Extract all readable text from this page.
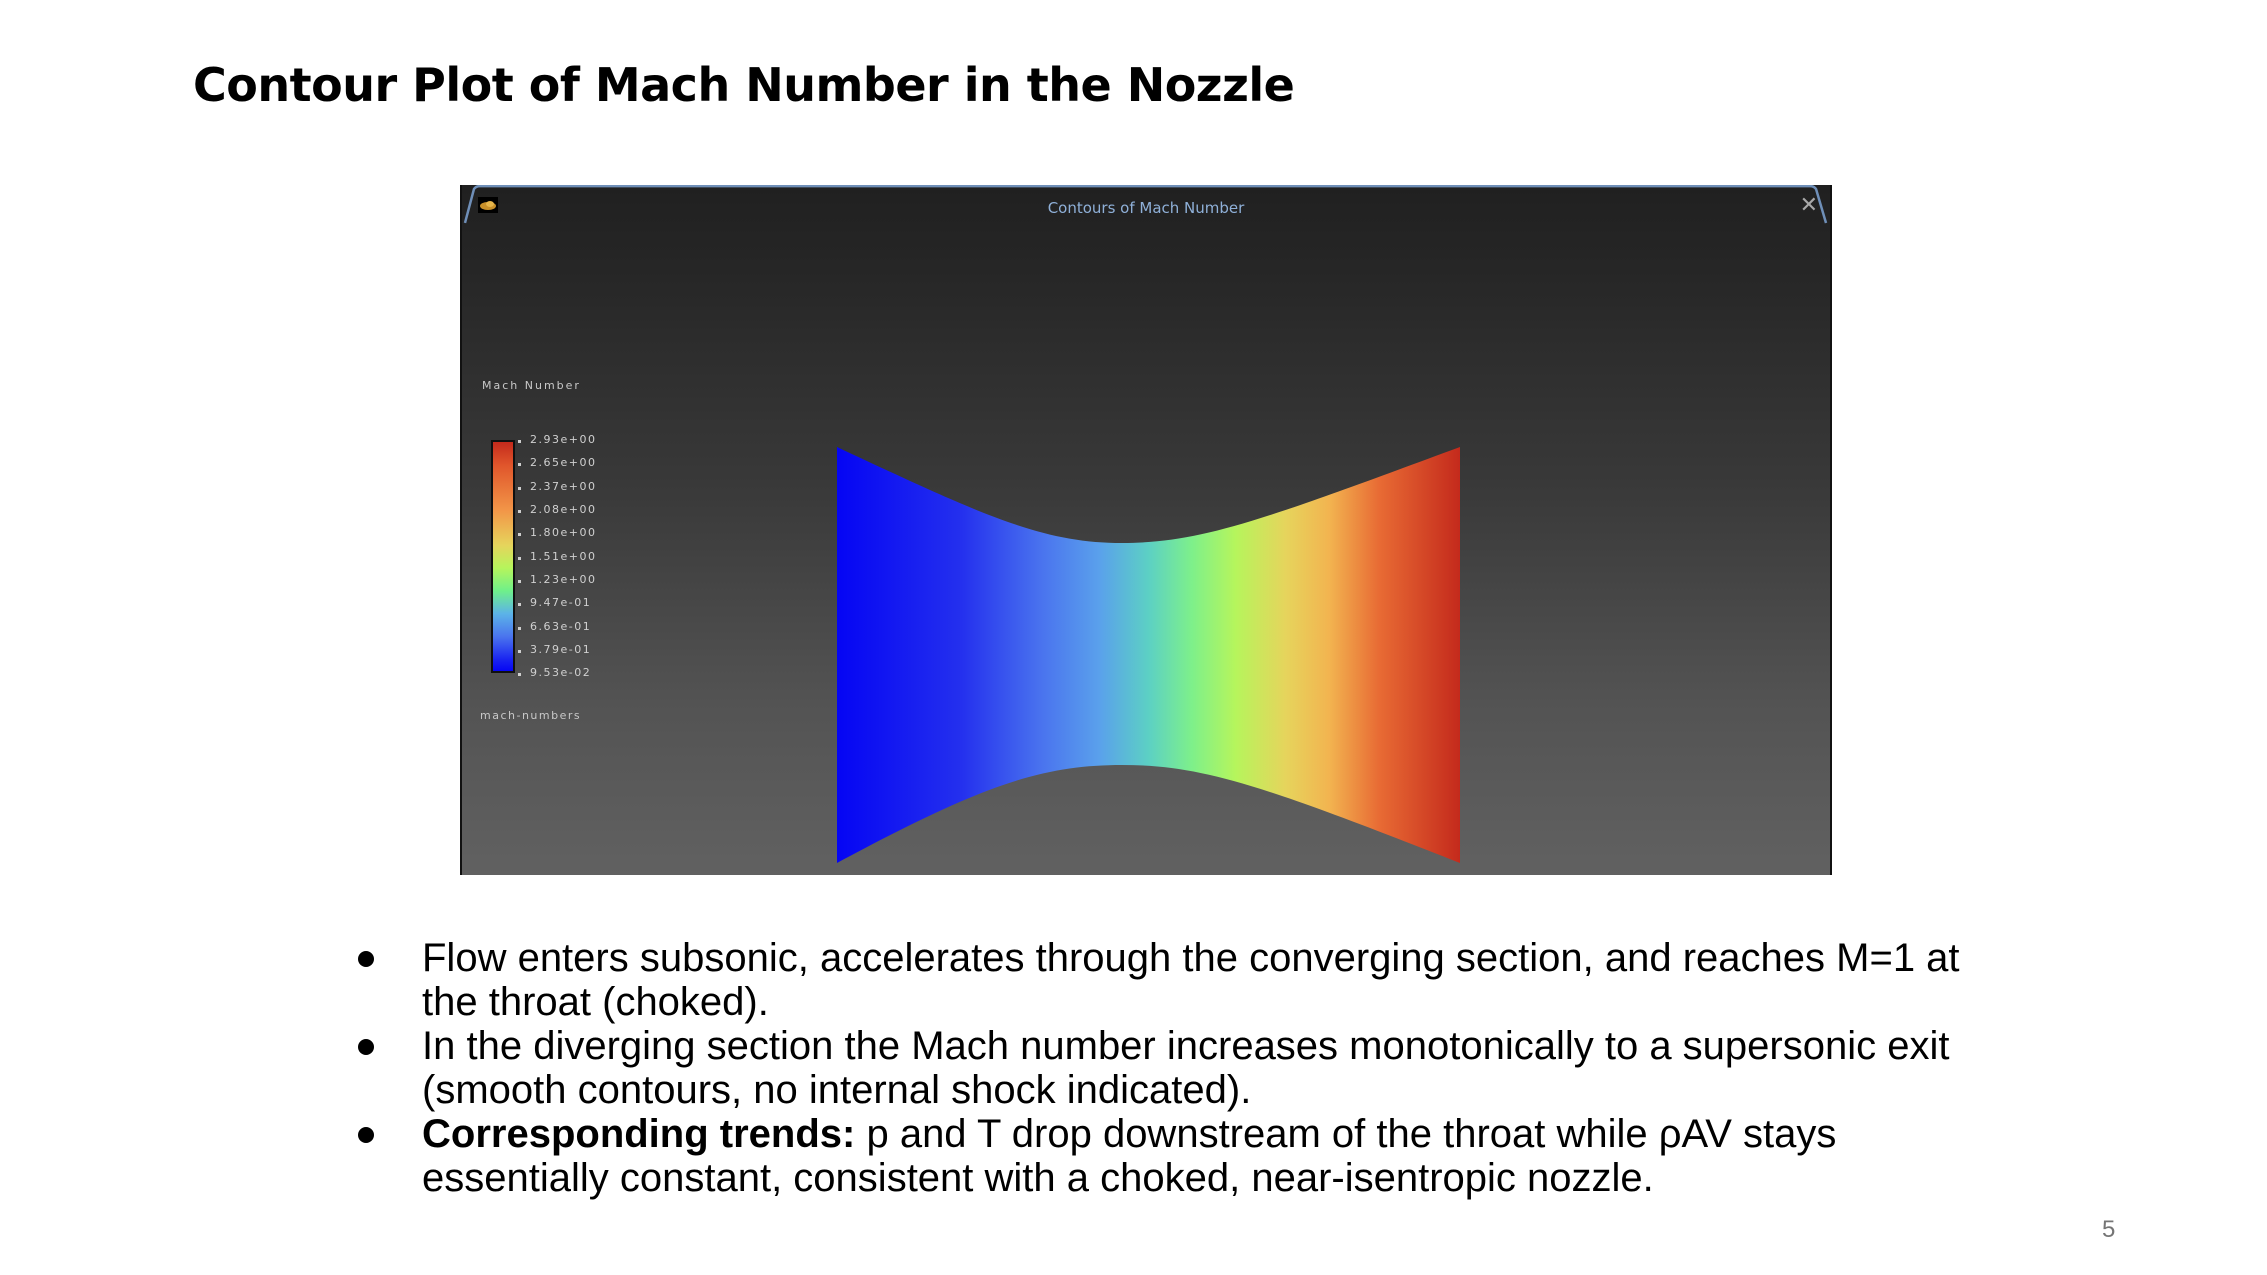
Contour Plot of Mach Number in the Nozzle
Contours of Mach Number	✕
Mach Number
2.93e+00
2.65e+00
2.37e+00
2.08e+00
1.80e+00
1.51e+00
1.23e+00
9.47e-01
6.63e-01
3.79e-01
9.53e-02
mach-numbers
Flow enters subsonic, accelerates through the converging section, and reaches M=1 at the throat (choked).
In the diverging section the Mach number increases monotonically to a supersonic exit (smooth contours, no internal shock indicated).
Corresponding trends: p and T drop downstream of the throat while ρAV stays essentially constant, consistent with a choked, near-isentropic nozzle.
5
